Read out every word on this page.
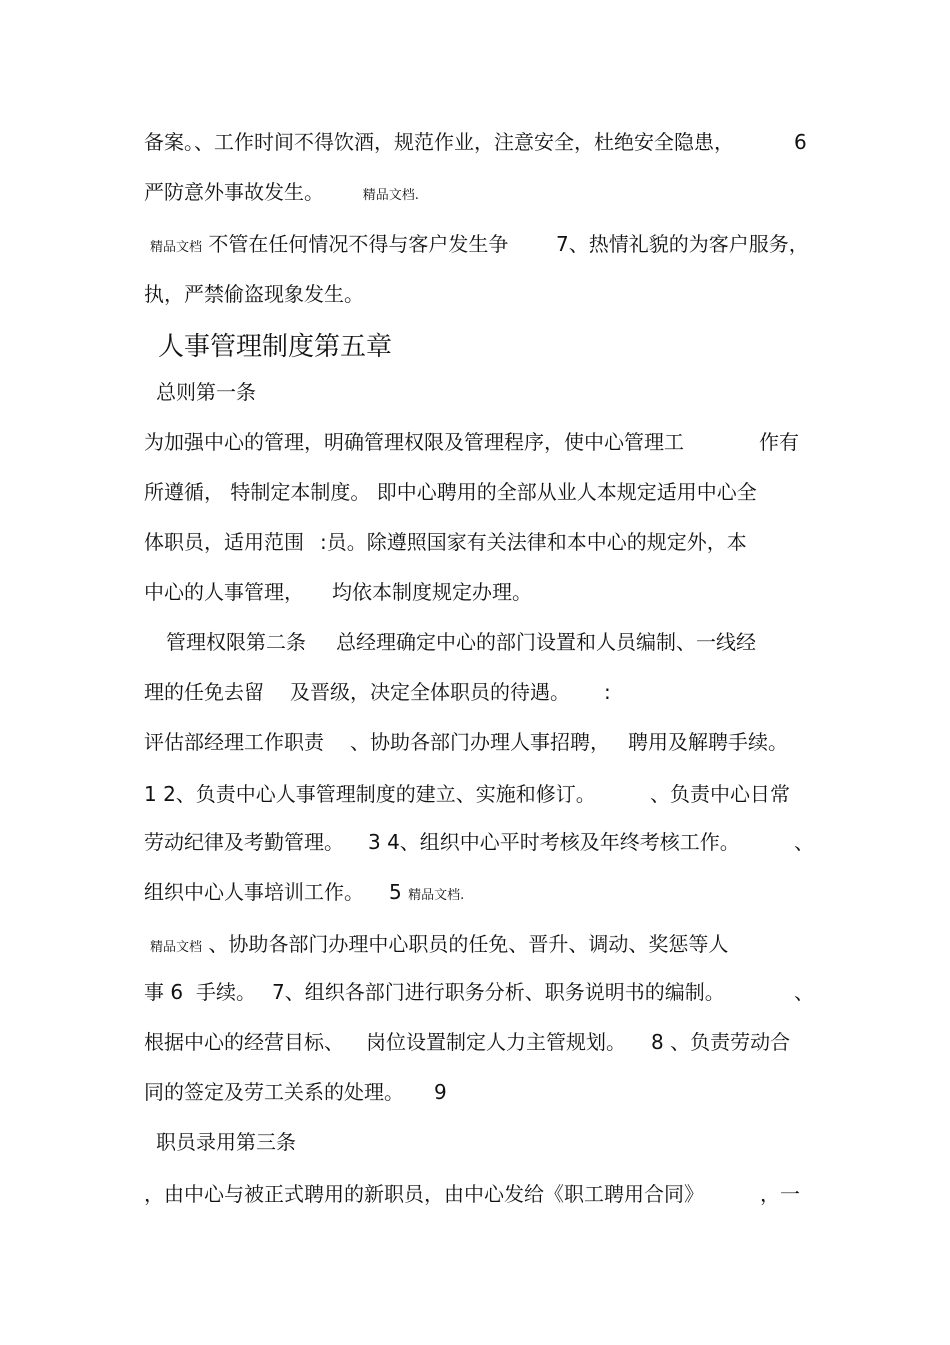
备案。、工作时间不得饮酒，规范作业，注意安全，杜绝安全隐患，	6
严防意外事故发生。	精品文档.
精品文档 不管在任何情况不得与客户发生争 7、热情礼貌的为客户服务，
执，严禁偷盗现象发生。
人事管理制度第五章
总则第一条
为加强中心的管理，明确管理权限及管理程序，使中心管理工	作有
所遵循， 特制定本制度。 即中心聘用的全部从业人本规定适用中心全
体职员，适用范围 :员。除遵照国家有关法律和本中心的规定外，本
中心的人事管理， 均依本制度规定办理。
管理权限第二条 总经理确定中心的部门设置和人员编制、一线经
理的任免去留 及晋级，决定全体职员的待遇。 :
评估部经理工作职责 、协助各部门办理人事招聘， 聘用及解聘手续。
1 2、负责中心人事管理制度的建立、实施和修订。	、负责中心日常
劳动纪律及考勤管理。 3 4、组织中心平时考核及年终考核工作。	、
组织中心人事培训工作。 5 精品文档.
精品文档 、协助各部门办理中心职员的任免、晋升、调动、奖惩等人
事 6 手续。 7、组织各部门进行职务分析、职务说明书的编制。	、
根据中心的经营目标、 岗位设置制定人力主管规划。 8 、负责劳动合
同的签定及劳工关系的处理。 9
职员录用第三条
，由中心与被正式聘用的新职员，由中心发给《职工聘用合同》	，一
